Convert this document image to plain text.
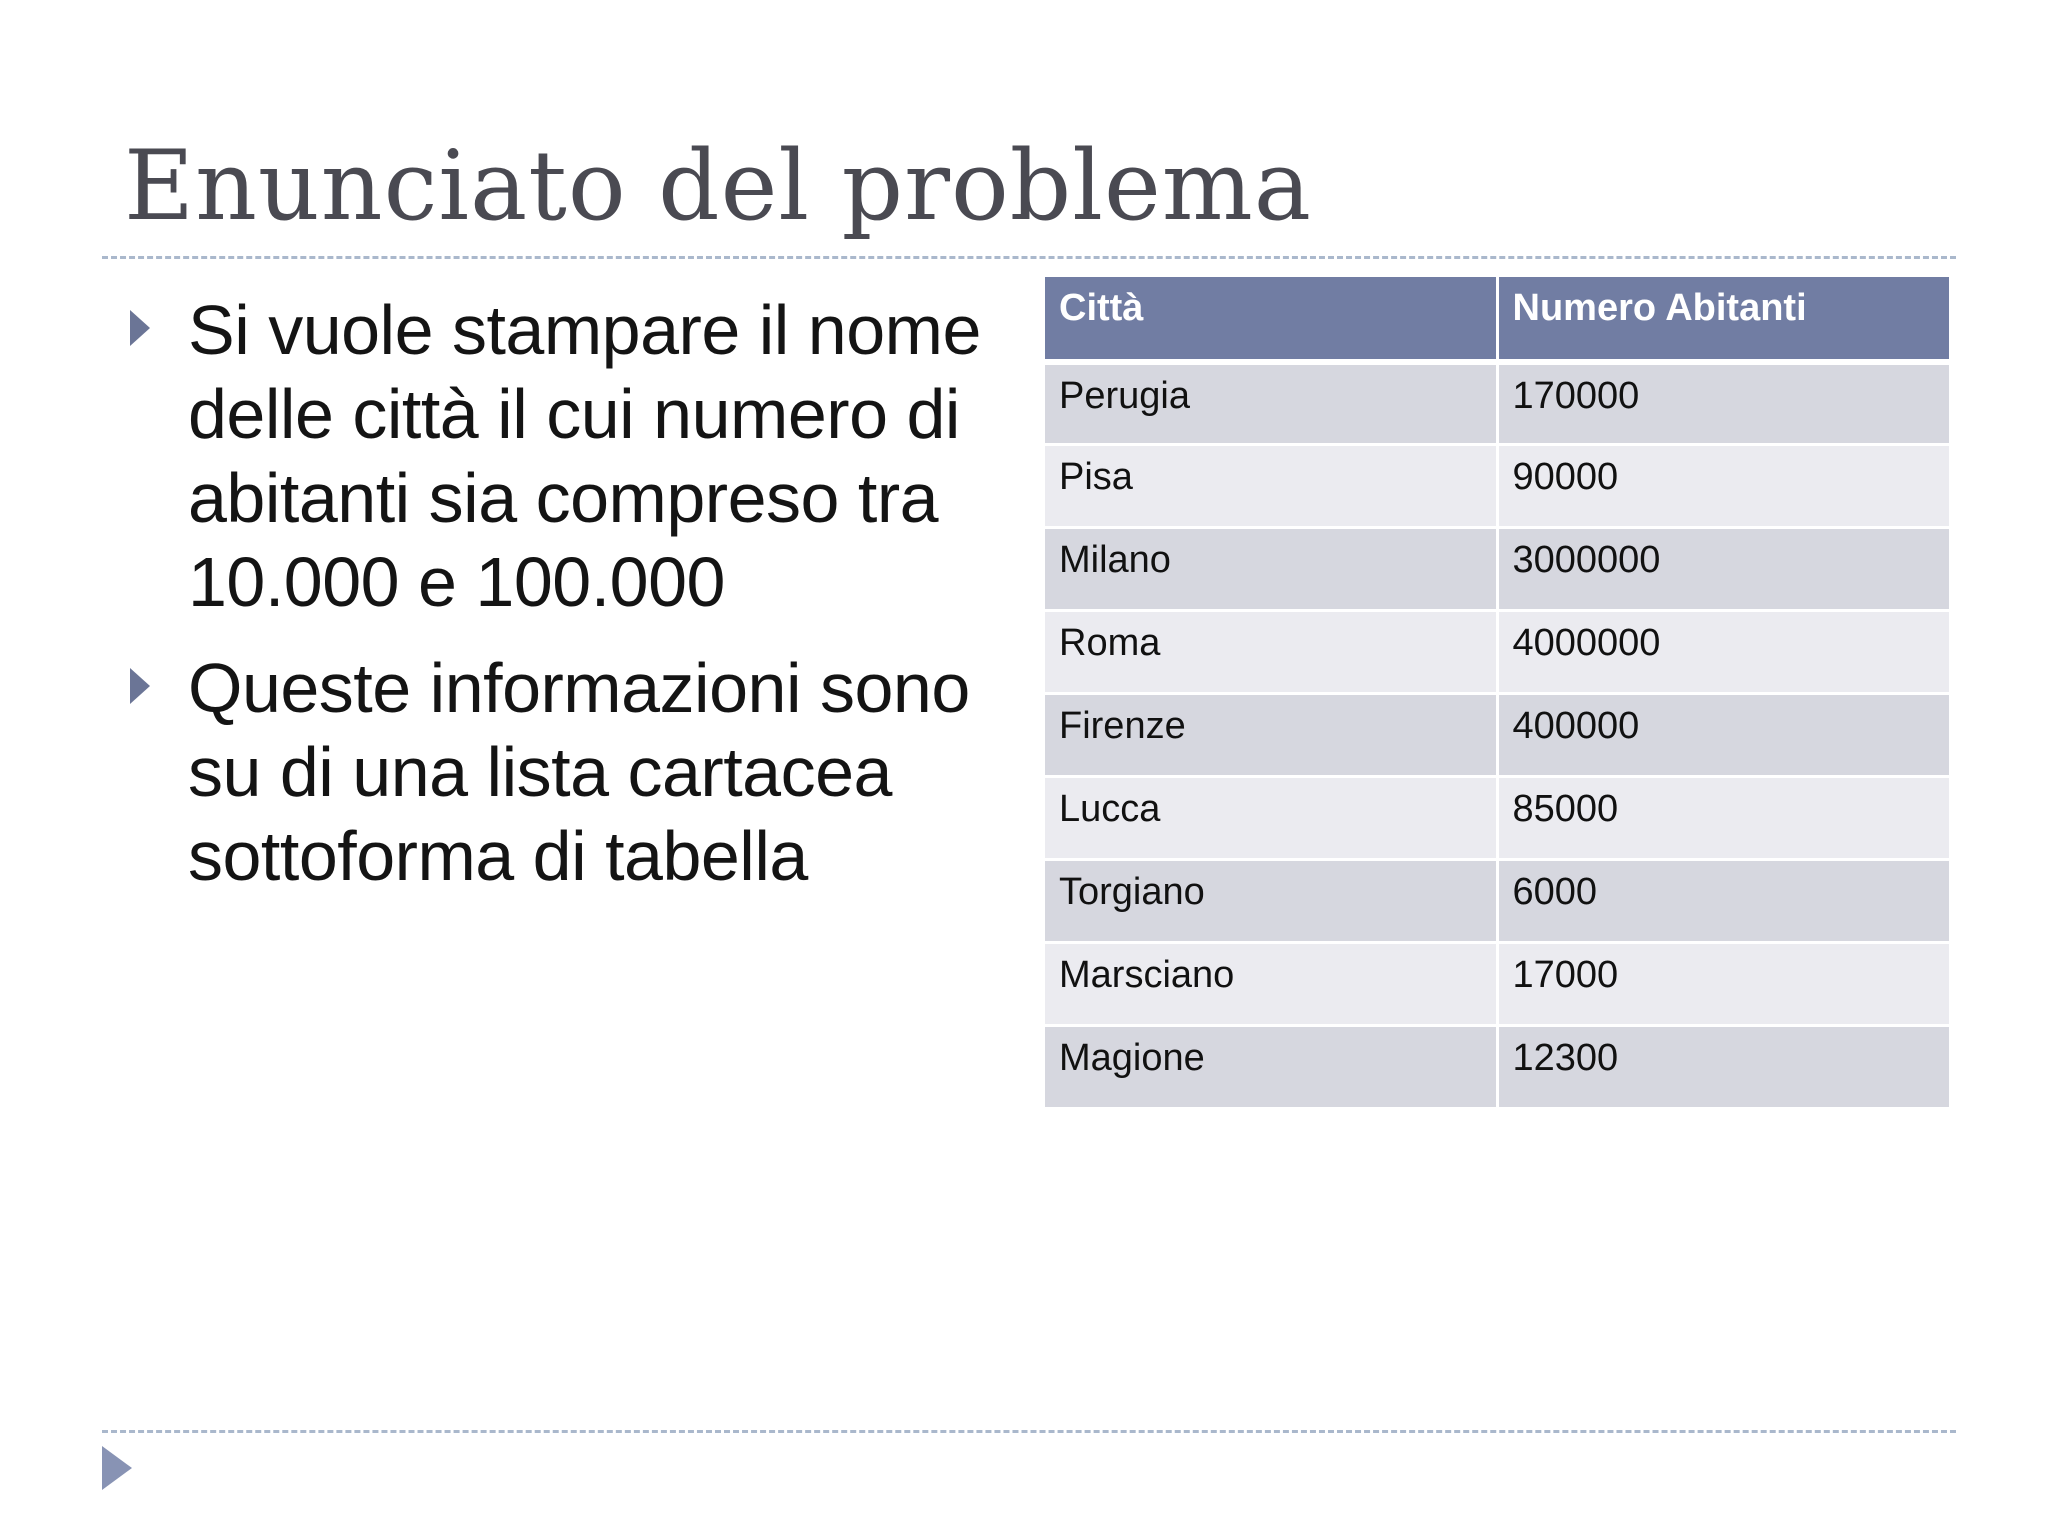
Enunciato del problema
Si vuole stampare il nome delle città il cui numero di abitanti sia compreso tra 10.000 e 100.000
Queste informazioni sono su di una lista cartacea sottoforma di tabella
Città	Numero Abitanti
Perugia	170000
Pisa	90000
Milano	3000000
Roma	4000000
Firenze	400000
Lucca	85000
Torgiano	6000
Marsciano	17000
Magione	12300
